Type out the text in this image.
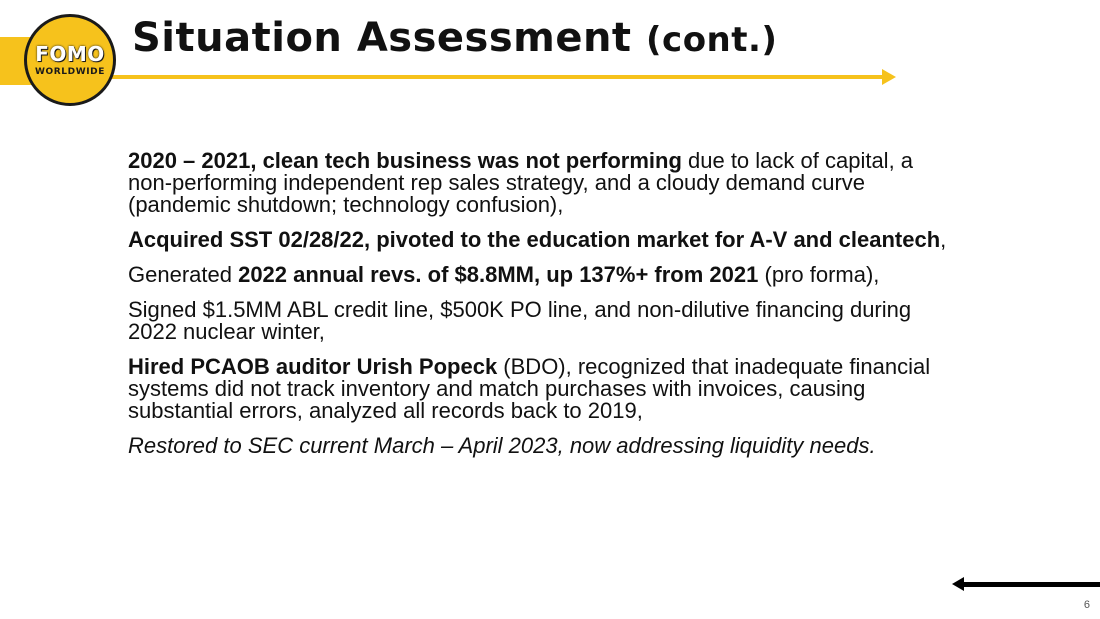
FOMO
WORLDWIDE
Situation Assessment (cont.)

2020 – 2021, clean tech business was not performing due to lack of capital, a non-performing independent rep sales strategy, and a cloudy demand curve (pandemic shutdown; technology confusion),

Acquired SST 02/28/22, pivoted to the education market for A-V and cleantech,

Generated 2022 annual revs. of $8.8MM, up 137%+ from 2021 (pro forma),

Signed $1.5MM ABL credit line, $500K PO line, and non-dilutive financing during 2022 nuclear winter,

Hired PCAOB auditor Urish Popeck (BDO), recognized that inadequate financial systems did not track inventory and match purchases with invoices, causing substantial errors, analyzed all records back to 2019,

Restored to SEC current March – April 2023, now addressing liquidity needs.

6
